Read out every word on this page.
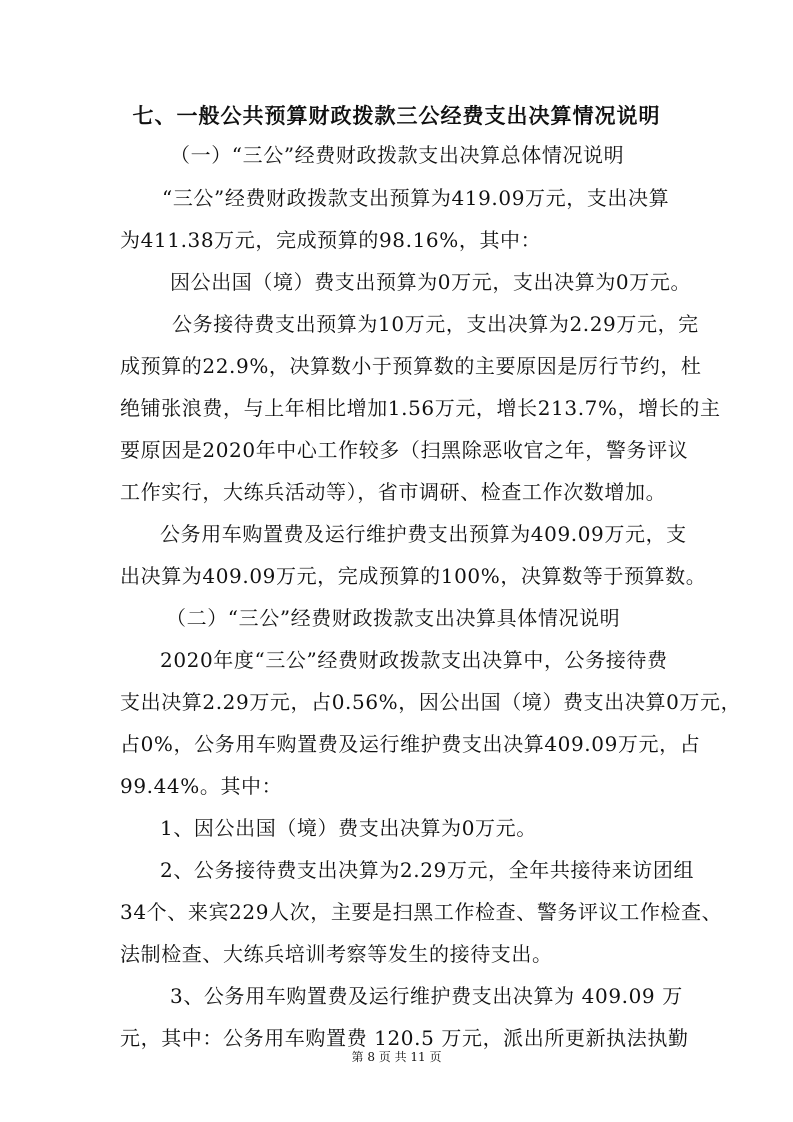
七、一般公共预算财政拨款三公经费支出决算情况说明
（一）“三公”经费财政拨款支出决算总体情况说明
“三公”经费财政拨款支出预算为419.09万元，支出决算
为411.38万元，完成预算的98.16%，其中：
因公出国（境）费支出预算为0万元，支出决算为0万元。
公务接待费支出预算为10万元，支出决算为2.29万元，完
成预算的22.9%，决算数小于预算数的主要原因是厉行节约，杜
绝铺张浪费，与上年相比增加1.56万元，增长213.7%，增长的主
要原因是2020年中心工作较多（扫黑除恶收官之年，警务评议
工作实行，大练兵活动等），省市调研、检查工作次数增加。
公务用车购置费及运行维护费支出预算为409.09万元，支
出决算为409.09万元，完成预算的100%，决算数等于预算数。
（二）“三公”经费财政拨款支出决算具体情况说明
2020年度“三公”经费财政拨款支出决算中，公务接待费
支出决算2.29万元，占0.56%，因公出国（境）费支出决算0万元，
占0%，公务用车购置费及运行维护费支出决算409.09万元，占
99.44%。其中：
1、因公出国（境）费支出决算为0万元。
2、公务接待费支出决算为2.29万元，全年共接待来访团组
34个、来宾229人次，主要是扫黑工作检查、警务评议工作检查、
法制检查、大练兵培训考察等发生的接待支出。
3、公务用车购置费及运行维护费支出决算为 409.09 万
元，其中：公务用车购置费 120.5 万元，派出所更新执法执勤
第 8 页 共 11 页
